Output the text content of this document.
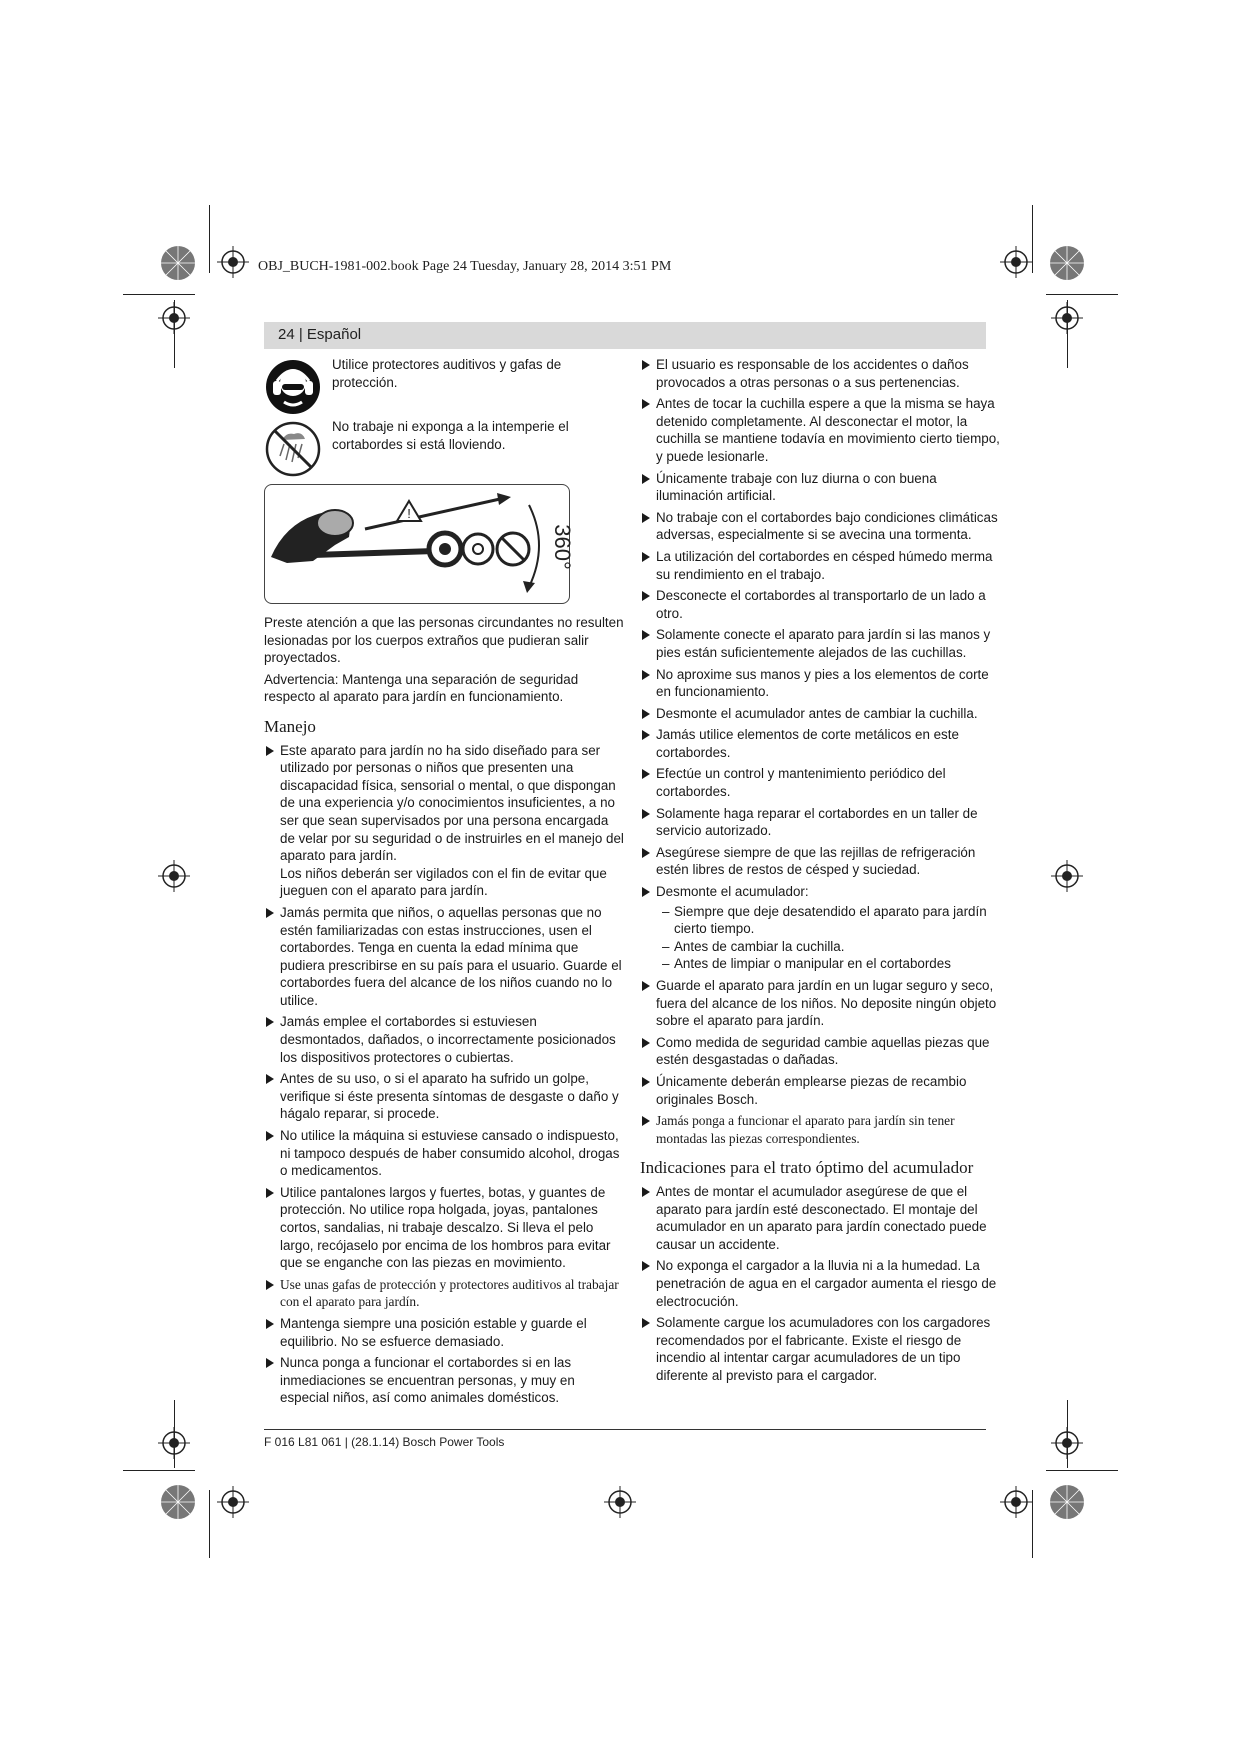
OBJ_BUCH-1981-002.book Page 24 Tuesday, January 28, 2014 3:51 PM
24 | Español
Utilice protectores auditivos y gafas de protección.
No trabaje ni exponga a la intemperie el cortabordes si está lloviendo.
!
360°

Preste atención a que las personas circundantes no resulten lesionadas por los cuerpos extraños que pudieran salir proyectados.

Advertencia: Mantenga una separación de seguridad respecto al aparato para jardín en funcionamiento.

Manejo
Este aparato para jardín no ha sido diseñado para ser utilizado por personas o niños que presenten una discapacidad física, sensorial o mental, o que dispongan de una experiencia y/o conocimientos insuficientes, a no ser que sean supervisados por una persona encargada de velar por su seguridad o de instruirles en el manejo del aparato para jardín.
Los niños deberán ser vigilados con el fin de evitar que jueguen con el aparato para jardín.
Jamás permita que niños, o aquellas personas que no estén familiarizadas con estas instrucciones, usen el cortabordes. Tenga en cuenta la edad mínima que pudiera prescribirse en su país para el usuario. Guarde el cortabordes fuera del alcance de los niños cuando no lo utilice.
Jamás emplee el cortabordes si estuviesen desmontados, dañados, o incorrectamente posicionados los dispositivos protectores o cubiertas.
Antes de su uso, o si el aparato ha sufrido un golpe, verifique si éste presenta síntomas de desgaste o daño y hágalo reparar, si procede.
No utilice la máquina si estuviese cansado o indispuesto, ni tampoco después de haber consumido alcohol, drogas o medicamentos.
Utilice pantalones largos y fuertes, botas, y guantes de protección. No utilice ropa holgada, joyas, pantalones cortos, sandalias, ni trabaje descalzo. Si lleva el pelo largo, recójaselo por encima de los hombros para evitar que se enganche con las piezas en movimiento.
Use unas gafas de protección y protectores auditivos al trabajar con el aparato para jardín.
Mantenga siempre una posición estable y guarde el equilibrio. No se esfuerce demasiado.
Nunca ponga a funcionar el cortabordes si en las inmediaciones se encuentran personas, y muy en especial niños, así como animales domésticos.
El usuario es responsable de los accidentes o daños provocados a otras personas o a sus pertenencias.
Antes de tocar la cuchilla espere a que la misma se haya detenido completamente. Al desconectar el motor, la cuchilla se mantiene todavía en movimiento cierto tiempo, y puede lesionarle.
Únicamente trabaje con luz diurna o con buena iluminación artificial.
No trabaje con el cortabordes bajo condiciones climáticas adversas, especialmente si se avecina una tormenta.
La utilización del cortabordes en césped húmedo merma su rendimiento en el trabajo.
Desconecte el cortabordes al transportarlo de un lado a otro.
Solamente conecte el aparato para jardín si las manos y pies están suficientemente alejados de las cuchillas.
No aproxime sus manos y pies a los elementos de corte en funcionamiento.
Desmonte el acumulador antes de cambiar la cuchilla.
Jamás utilice elementos de corte metálicos en este cortabordes.
Efectúe un control y mantenimiento periódico del cortabordes.
Solamente haga reparar el cortabordes en un taller de servicio autorizado.
Asegúrese siempre de que las rejillas de refrigeración estén libres de restos de césped y suciedad.
Desmonte el acumulador:
– Siempre que deje desatendido el aparato para jardín cierto tiempo.
– Antes de cambiar la cuchilla.
– Antes de limpiar o manipular en el cortabordes
Guarde el aparato para jardín en un lugar seguro y seco, fuera del alcance de los niños. No deposite ningún objeto sobre el aparato para jardín.
Como medida de seguridad cambie aquellas piezas que estén desgastadas o dañadas.
Únicamente deberán emplearse piezas de recambio originales Bosch.
Jamás ponga a funcionar el aparato para jardín sin tener montadas las piezas correspondientes.
Indicaciones para el trato óptimo del acumulador
Antes de montar el acumulador asegúrese de que el aparato para jardín esté desconectado. El montaje del acumulador en un aparato para jardín conectado puede causar un accidente.
No exponga el cargador a la lluvia ni a la humedad. La penetración de agua en el cargador aumenta el riesgo de electrocución.
Solamente cargue los acumuladores con los cargadores recomendados por el fabricante. Existe el riesgo de incendio al intentar cargar acumuladores de un tipo diferente al previsto para el cargador.
F 016 L81 061 | (28.1.14) Bosch Power Tools
